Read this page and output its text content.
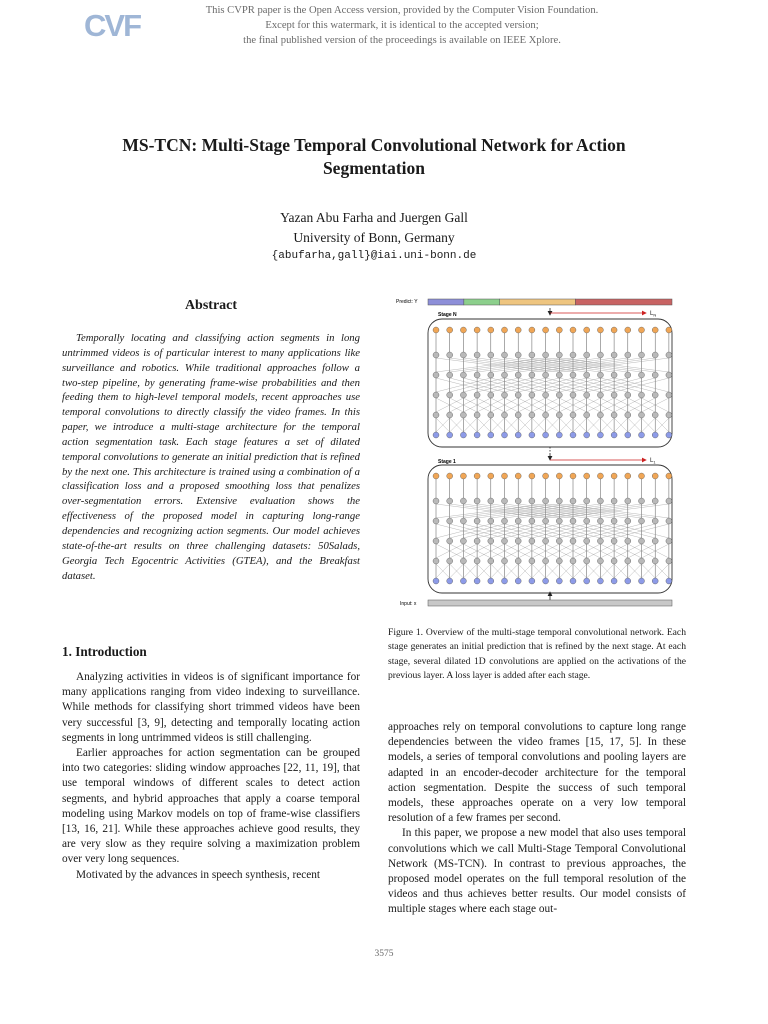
CVF	This CVPR paper is the Open Access version, provided by the Computer Vision Foundation.
Except for this watermark, it is identical to the accepted version;
the final published version of the proceedings is available on IEEE Xplore.
MS-TCN: Multi-Stage Temporal Convolutional Network for Action Segmentation
Yazan Abu Farha and Juergen Gall
University of Bonn, Germany
{abufarha,gall}@iai.uni-bonn.de
Abstract
Temporally locating and classifying action segments in long untrimmed videos is of particular interest to many applications like surveillance and robotics. While traditional approaches follow a two-step pipeline, by generating frame-wise probabilities and then feeding them to high-level temporal models, recent approaches use temporal convolutions to directly classify the video frames. In this paper, we introduce a multi-stage architecture for the temporal action segmentation task. Each stage features a set of dilated temporal convolutions to generate an initial prediction that is refined by the next one. This architecture is trained using a combination of a classification loss and a proposed smoothing loss that penalizes over-segmentation errors. Extensive evaluation shows the effectiveness of the proposed model in capturing long-range dependencies and recognizing action segments. Our model achieves state-of-the-art results on three challenging datasets: 50Salads, Georgia Tech Egocentric Activities (GTEA), and the Breakfast dataset.
1. Introduction

Analyzing activities in videos is of significant importance for many applications ranging from video indexing to surveillance. While methods for classifying short trimmed videos have been very successful [3, 9], detecting and temporally locating action segments in long untrimmed videos is still challenging.

Earlier approaches for action segmentation can be grouped into two categories: sliding window approaches [22, 11, 19], that use temporal windows of different scales to detect action segments, and hybrid approaches that apply a coarse temporal modeling using Markov models on top of frame-wise classifiers [13, 16, 21]. While these approaches achieve good results, they are very slow as they require solving a maximization problem over very long sequences.

Motivated by the advances in speech synthesis, recent

Predict: Y
Stage N	$L_N$
Stage 1	$L_1$
Input: x
Figure 1. Overview of the multi-stage temporal convolutional network. Each stage generates an initial prediction that is refined by the next stage. At each stage, several dilated 1D convolutions are applied on the activations of the previous layer. A loss layer is added after each stage.

approaches rely on temporal convolutions to capture long range dependencies between the video frames [15, 17, 5]. In these models, a series of temporal convolutions and pooling layers are adapted in an encoder-decoder architecture for the temporal action segmentation. Despite the success of such temporal models, these approaches operate on a very low temporal resolution of a few frames per second.

In this paper, we propose a new model that also uses temporal convolutions which we call Multi-Stage Temporal Convolutional Network (MS-TCN). In contrast to previous approaches, the proposed model operates on the full temporal resolution of the videos and thus achieves better results. Our model consists of multiple stages where each stage out-

3575
